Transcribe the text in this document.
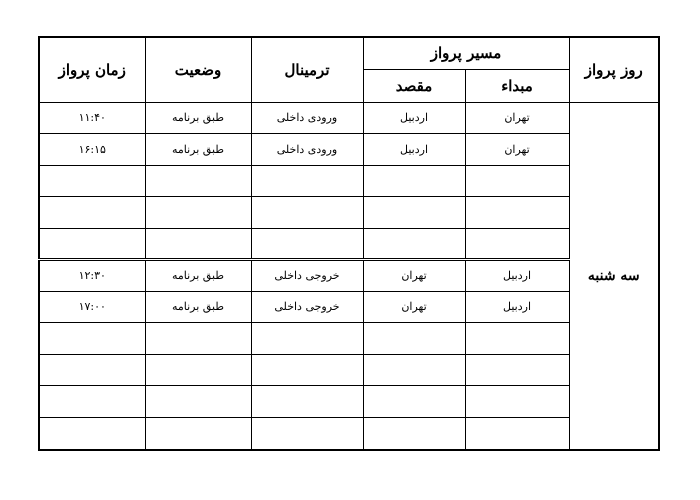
روز پرواز	مسیر پرواز		ترمینال	وضعیت	زمان پرواز
	مبداء	مقصد			
سه شنبه	تهران	اردبیل	ورودی داخلی	طبق برنامه	۱۱:۴۰
	تهران	اردبیل	ورودی داخلی	طبق برنامه	۱۶:۱۵

	اردبیل	تهران	خروجی داخلی	طبق برنامه	۱۲:۳۰
	اردبیل	تهران	خروجی داخلی	طبق برنامه	۱۷:۰۰
